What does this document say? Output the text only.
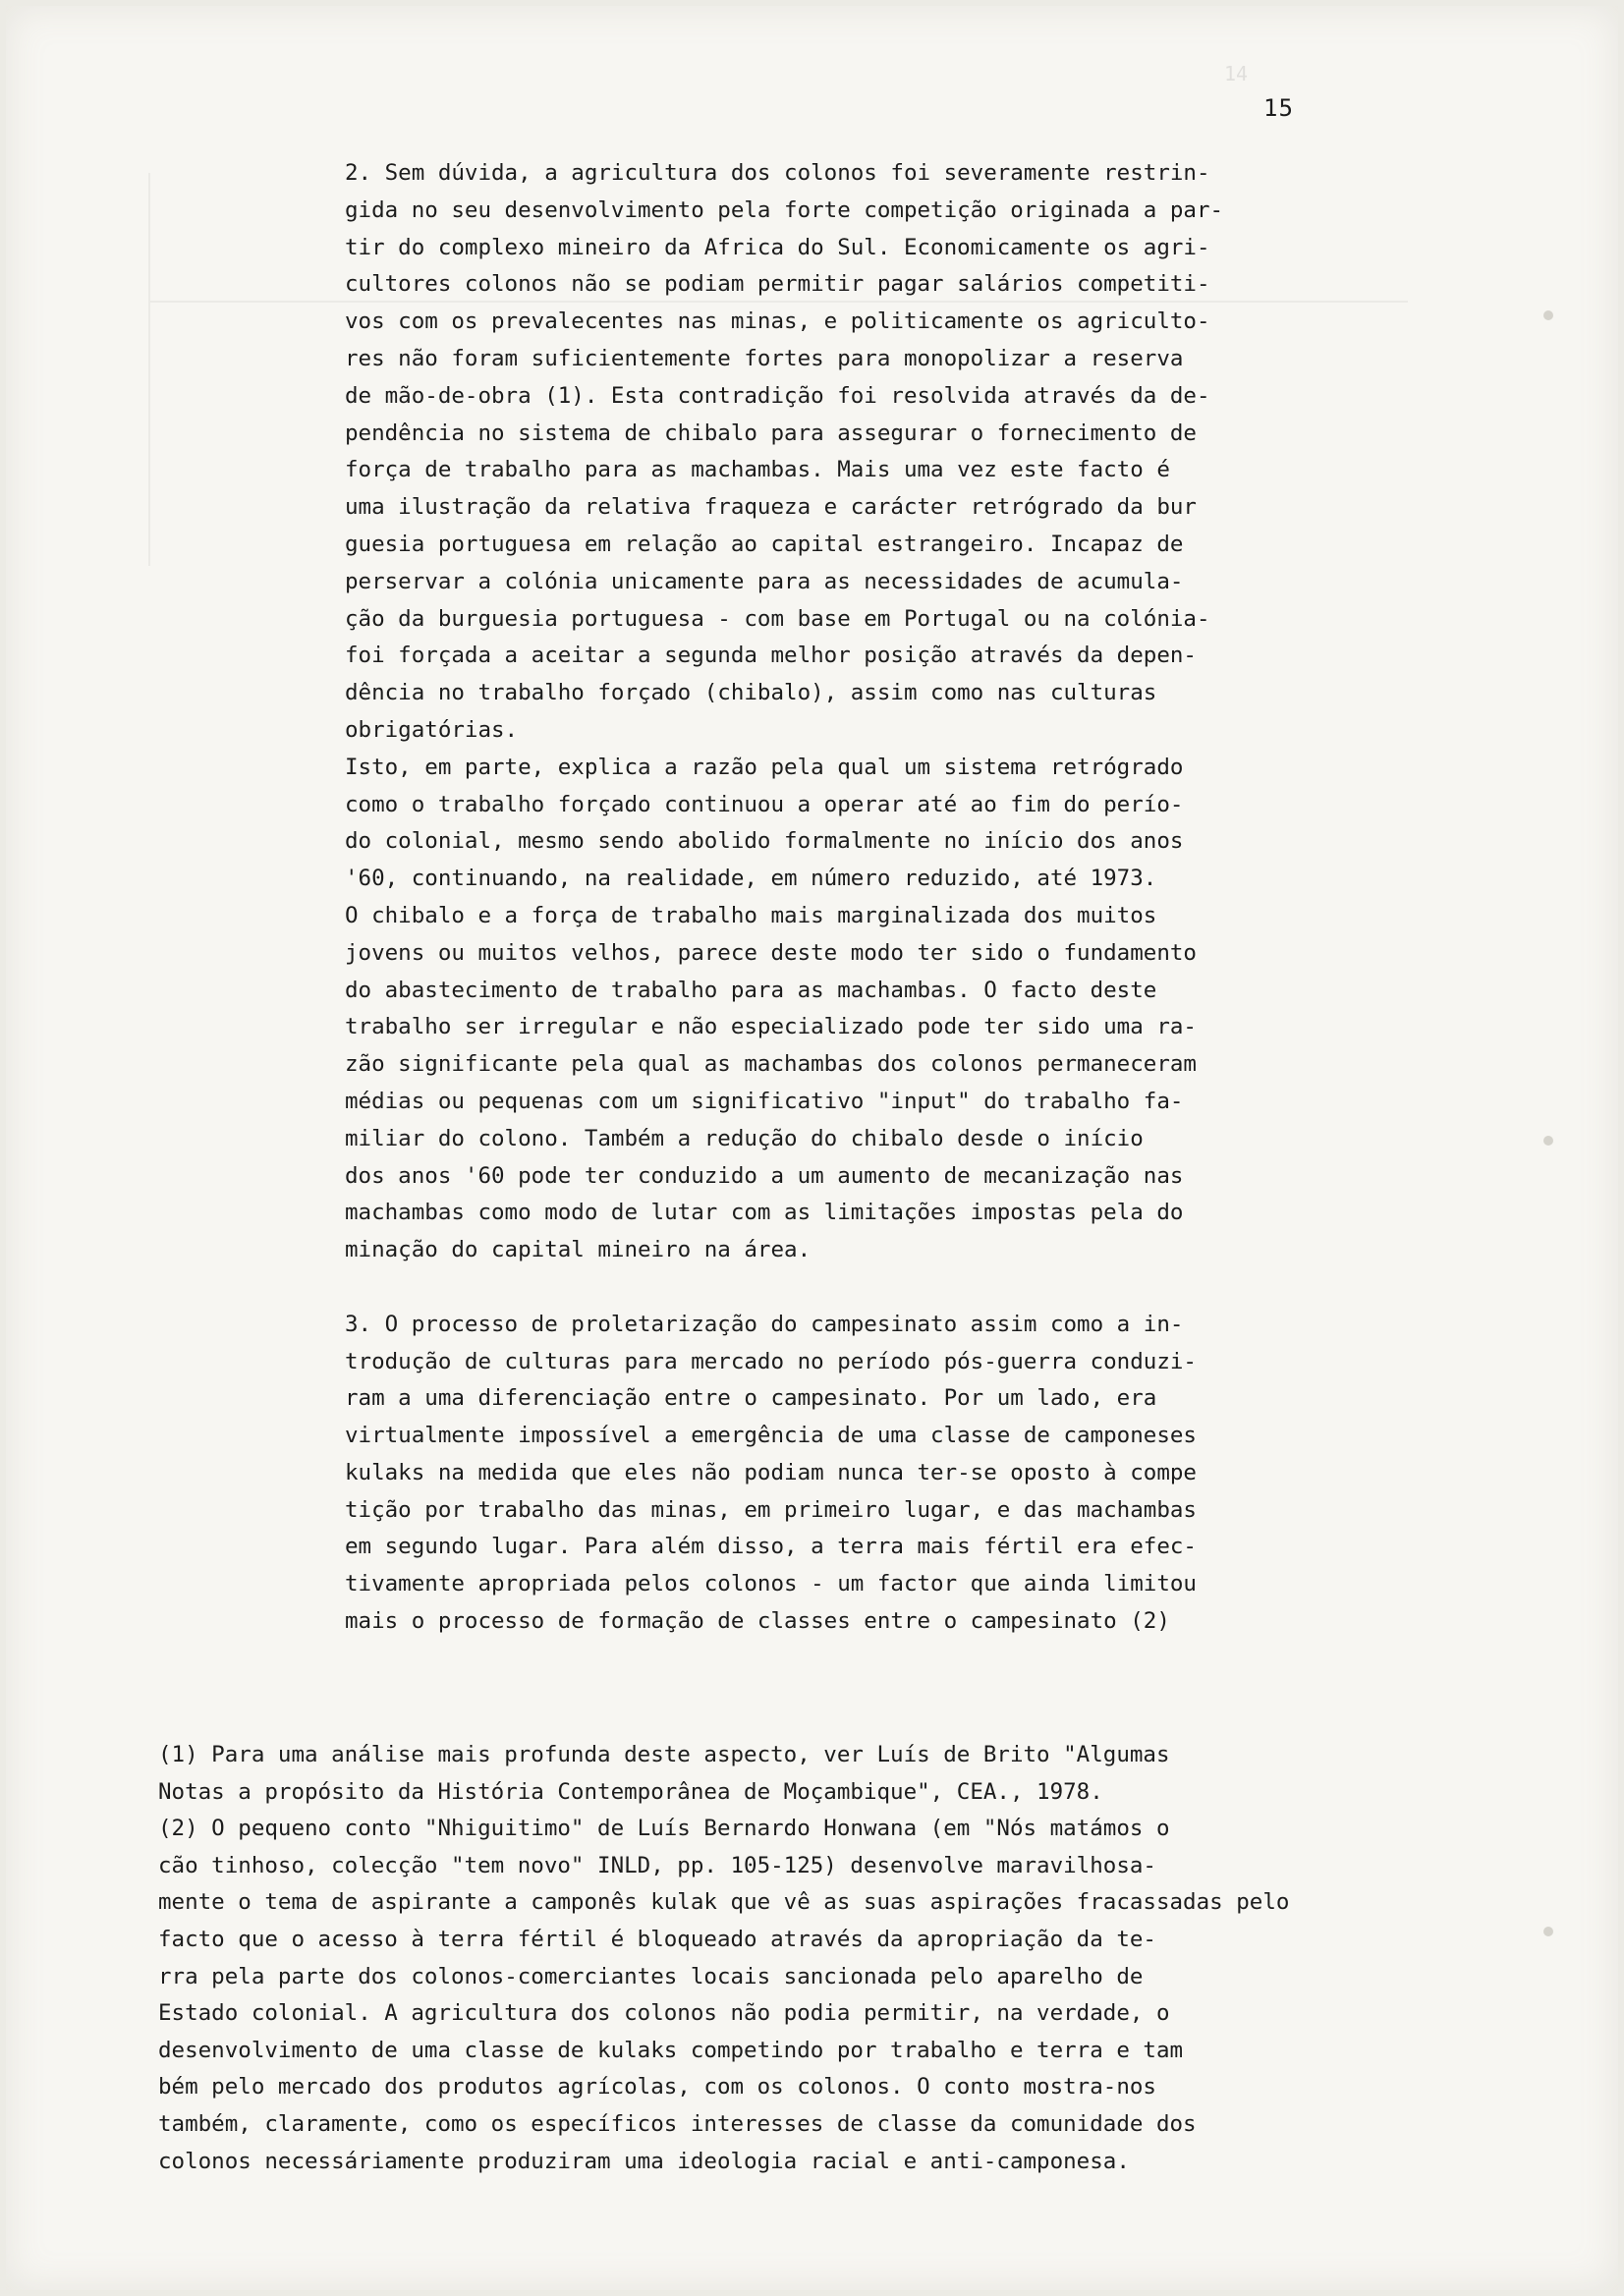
14
15
2. Sem dúvida, a agricultura dos colonos foi severamente restrin-
gida no seu desenvolvimento pela forte competição originada a par-
tir do complexo mineiro da Africa do Sul. Economicamente os agri-
cultores colonos não se podiam permitir pagar salários competiti-
vos com os prevalecentes nas minas, e politicamente os agriculto-
res não foram suficientemente fortes para monopolizar a reserva
de mão-de-obra (1). Esta contradição foi resolvida através da de-
pendência no sistema de chibalo para assegurar o fornecimento de
força de trabalho para as machambas. Mais uma vez este facto é
uma ilustração da relativa fraqueza e carácter retrógrado da bur
guesia portuguesa em relação ao capital estrangeiro. Incapaz de
perservar a colónia unicamente para as necessidades de acumula-
ção da burguesia portuguesa - com base em Portugal ou na colónia-
foi forçada a aceitar a segunda melhor posição através da depen-
dência no trabalho forçado (chibalo), assim como nas culturas
obrigatórias.
Isto, em parte, explica a razão pela qual um sistema retrógrado
como o trabalho forçado continuou a operar até ao fim do perío-
do colonial, mesmo sendo abolido formalmente no início dos anos
'60, continuando, na realidade, em número reduzido, até 1973.
O chibalo e a força de trabalho mais marginalizada dos muitos
jovens ou muitos velhos, parece deste modo ter sido o fundamento
do abastecimento de trabalho para as machambas. O facto deste
trabalho ser irregular e não especializado pode ter sido uma ra-
zão significante pela qual as machambas dos colonos permaneceram
médias ou pequenas com um significativo "input" do trabalho fa-
miliar do colono. Também a redução do chibalo desde o início
dos anos '60 pode ter conduzido a um aumento de mecanização nas
machambas como modo de lutar com as limitações impostas pela do
minação do capital mineiro na área.
3. O processo de proletarização do campesinato assim como a in-
trodução de culturas para mercado no período pós-guerra conduzi-
ram a uma diferenciação entre o campesinato. Por um lado, era
virtualmente impossível a emergência de uma classe de camponeses
kulaks na medida que eles não podiam nunca ter-se oposto à compe
tição por trabalho das minas, em primeiro lugar, e das machambas
em segundo lugar. Para além disso, a terra mais fértil era efec-
tivamente apropriada pelos colonos - um factor que ainda limitou
mais o processo de formação de classes entre o campesinato (2)
(1) Para uma análise mais profunda deste aspecto, ver Luís de Brito "Algumas
Notas a propósito da História Contemporânea de Moçambique", CEA., 1978.
(2) O pequeno conto "Nhiguitimo" de Luís Bernardo Honwana (em "Nós matámos o
cão tinhoso, colecção "tem novo" INLD, pp. 105-125) desenvolve maravilhosa-
mente o tema de aspirante a camponês kulak que vê as suas aspirações fracassadas pelo
facto que o acesso à terra fértil é bloqueado através da apropriação da te-
rra pela parte dos colonos-comerciantes locais sancionada pelo aparelho de
Estado colonial. A agricultura dos colonos não podia permitir, na verdade, o
desenvolvimento de uma classe de kulaks competindo por trabalho e terra e tam
bém pelo mercado dos produtos agrícolas, com os colonos. O conto mostra-nos
também, claramente, como os específicos interesses de classe da comunidade dos
colonos necessáriamente produziram uma ideologia racial e anti-camponesa.
